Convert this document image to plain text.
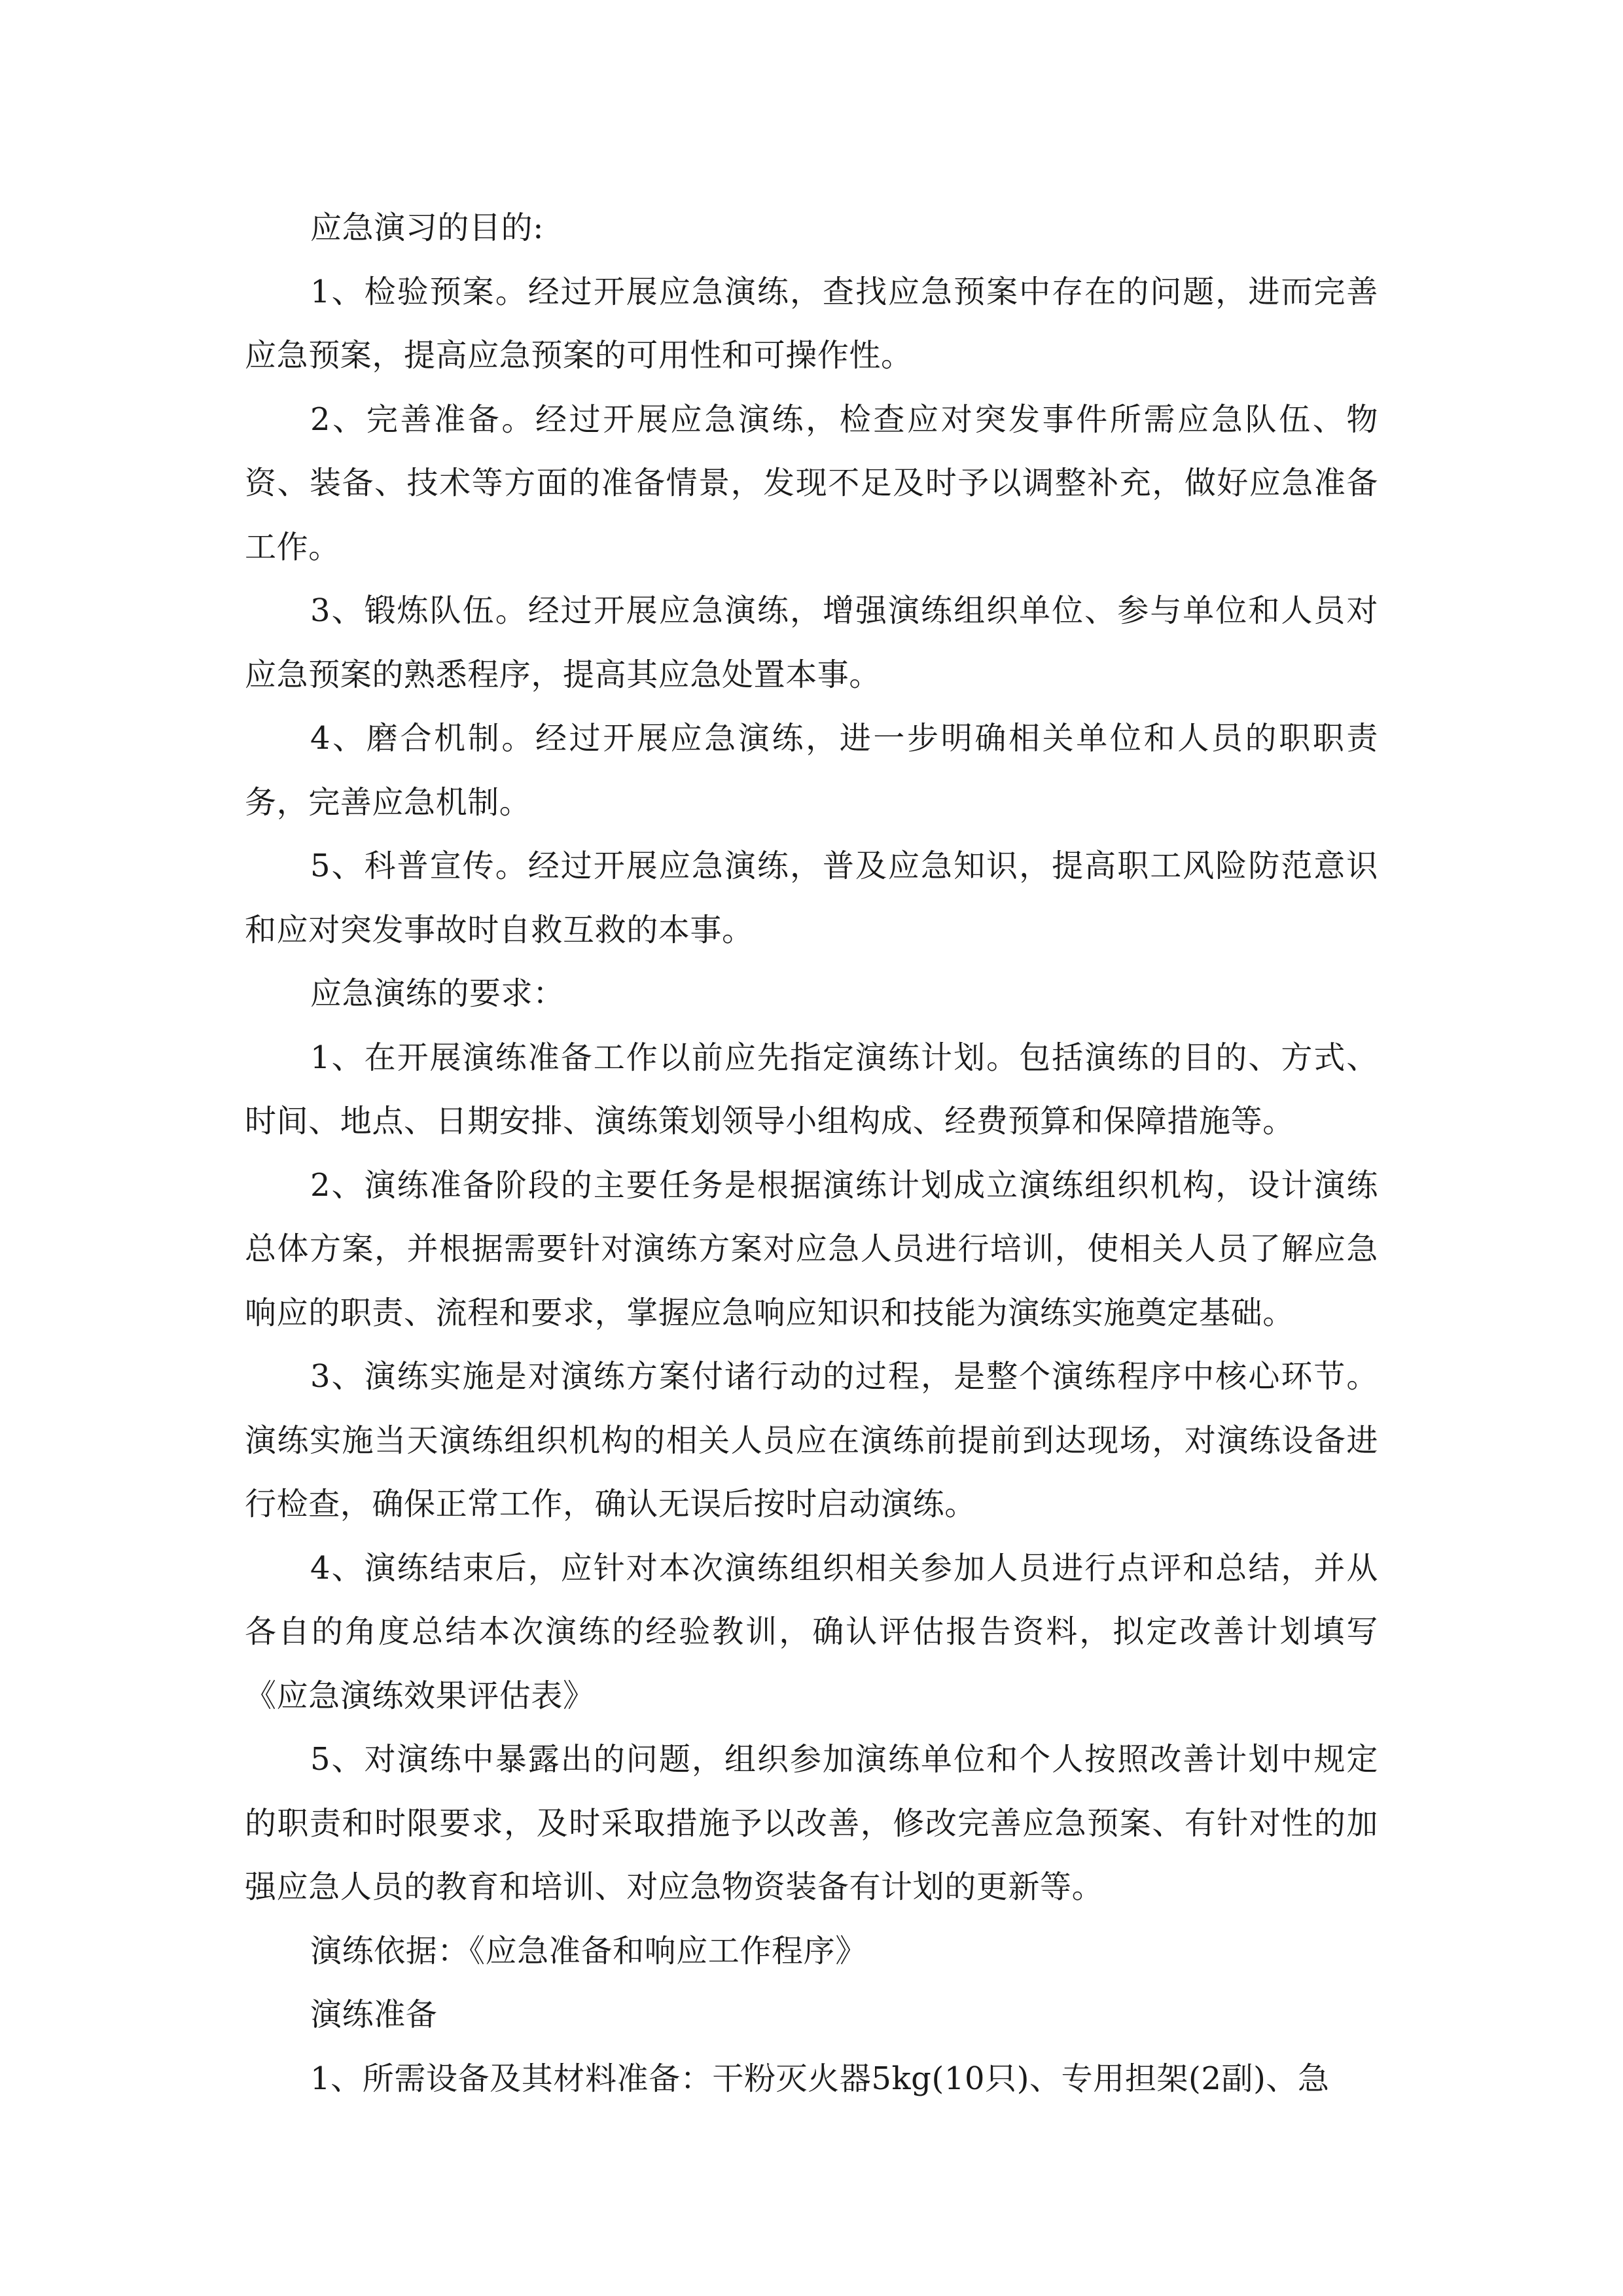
应急演习的目的:

1、检验预案。经过开展应急演练，查找应急预案中存在的问题，进而完善应急预案，提高应急预案的可用性和可操作性。

2、完善准备。经过开展应急演练，检查应对突发事件所需应急队伍、物资、装备、技术等方面的准备情景，发现不足及时予以调整补充，做好应急准备工作。

3、锻炼队伍。经过开展应急演练，增强演练组织单位、参与单位和人员对应急预案的熟悉程序，提高其应急处置本事。

4、磨合机制。经过开展应急演练，进一步明确相关单位和人员的职职责务，完善应急机制。

5、科普宣传。经过开展应急演练，普及应急知识，提高职工风险防范意识和应对突发事故时自救互救的本事。

应急演练的要求：

1、在开展演练准备工作以前应先指定演练计划。包括演练的目的、方式、时间、地点、日期安排、演练策划领导小组构成、经费预算和保障措施等。

2、演练准备阶段的主要任务是根据演练计划成立演练组织机构，设计演练总体方案，并根据需要针对演练方案对应急人员进行培训，使相关人员了解应急响应的职责、流程和要求，掌握应急响应知识和技能为演练实施奠定基础。

3、演练实施是对演练方案付诸行动的过程，是整个演练程序中核心环节。演练实施当天演练组织机构的相关人员应在演练前提前到达现场，对演练设备进行检查，确保正常工作，确认无误后按时启动演练。

4、演练结束后，应针对本次演练组织相关参加人员进行点评和总结，并从各自的角度总结本次演练的经验教训，确认评估报告资料，拟定改善计划填写《应急演练效果评估表》

5、对演练中暴露出的问题，组织参加演练单位和个人按照改善计划中规定的职责和时限要求，及时采取措施予以改善，修改完善应急预案、有针对性的加强应急人员的教育和培训、对应急物资装备有计划的更新等。

演练依据：《应急准备和响应工作程序》

演练准备

1、所需设备及其材料准备：干粉灭火器5kg(10只)、专用担架(2副)、急
